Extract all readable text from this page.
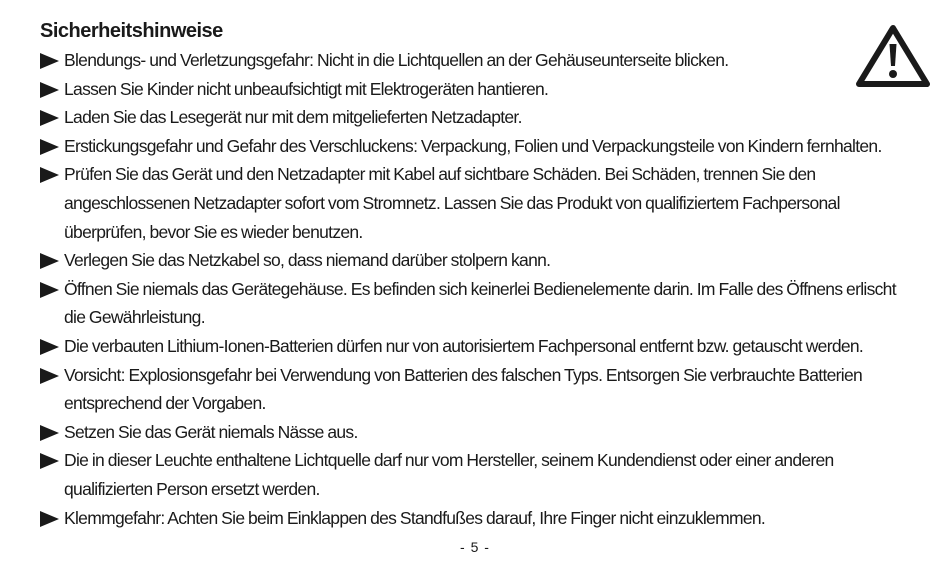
Sicherheitshinweise
Blendungs- und Verletzungsgefahr: Nicht in die Lichtquellen an der Gehäuseunterseite blicken.
Lassen Sie Kinder nicht unbeaufsichtigt mit Elektrogeräten hantieren.
Laden Sie das Lesegerät nur mit dem mitgelieferten Netzadapter.
Erstickungsgefahr und Gefahr des Verschluckens: Verpackung, Folien und Verpackungsteile von Kindern fernhalten.
Prüfen Sie das Gerät und den Netzadapter mit Kabel auf sichtbare Schäden. Bei Schäden, trennen Sie den angeschlossenen Netzadapter sofort vom Stromnetz. Lassen Sie das Produkt von qualifiziertem Fachpersonal überprüfen, bevor Sie es wieder benutzen.
Verlegen Sie das Netzkabel so, dass niemand darüber stolpern kann.
Öffnen Sie niemals das Gerätegehäuse. Es befinden sich keinerlei Bedienelemente darin. Im Falle des Öffnens erlischt die Gewährleistung.
Die verbauten Lithium-Ionen-Batterien dürfen nur von autorisiertem Fachpersonal entfernt bzw. getauscht werden.
Vorsicht: Explosionsgefahr bei Verwendung von Batterien des falschen Typs. Entsorgen Sie verbrauchte Batterien entsprechend der Vorgaben.
Setzen Sie das Gerät niemals Nässe aus.
Die in dieser Leuchte enthaltene Lichtquelle darf nur vom Hersteller, seinem Kundendienst oder einer anderen qualifizierten Person ersetzt werden.
Klemmgefahr: Achten Sie beim Einklappen des Standfußes darauf, Ihre Finger nicht einzuklemmen.
- 5 -
